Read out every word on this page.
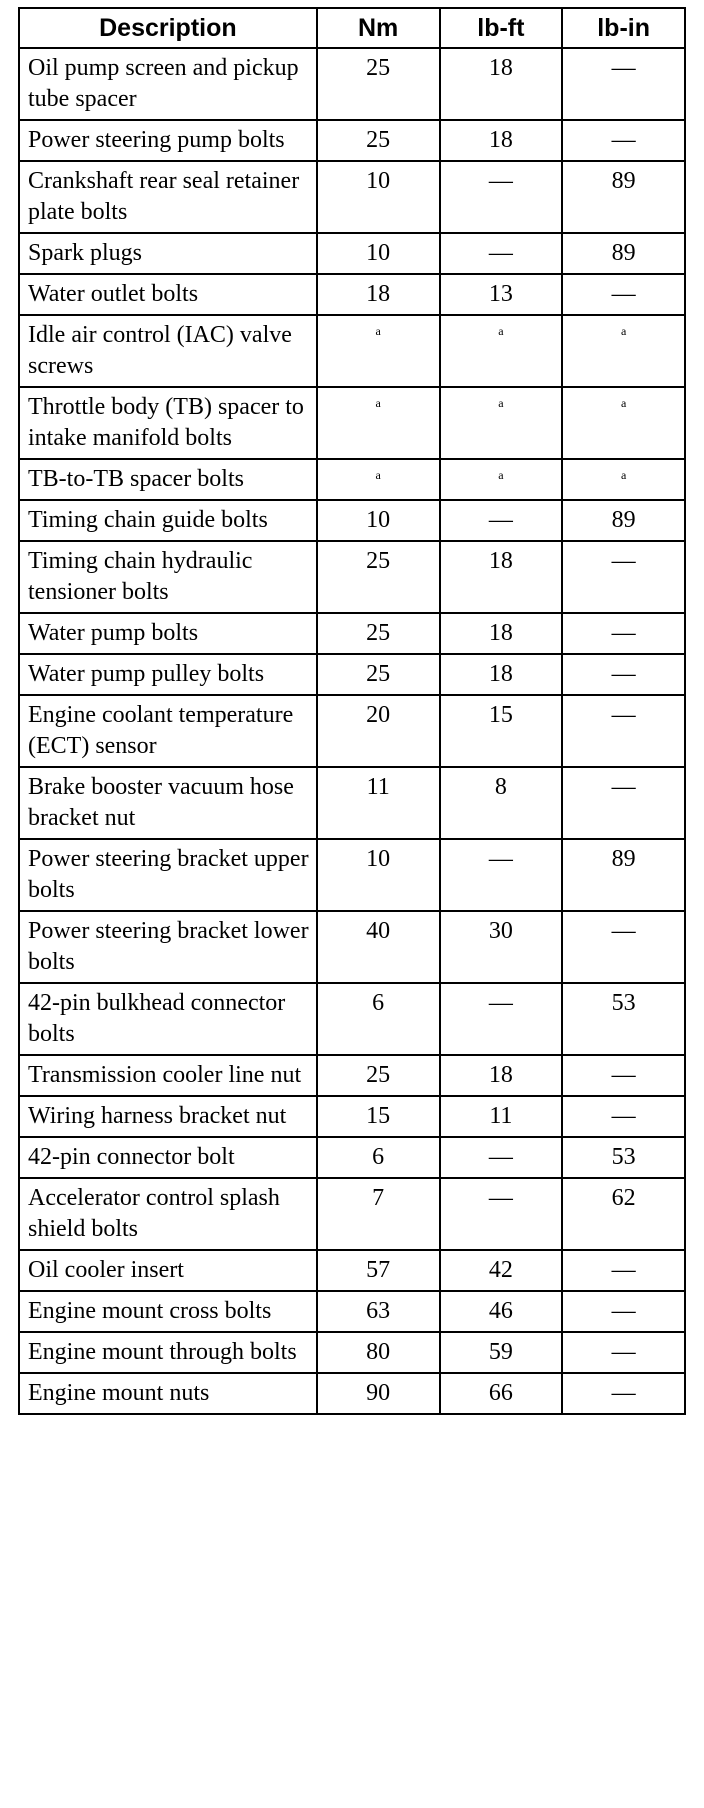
Description	Nm	lb-ft	lb-in
Oil pump screen and pickup tube spacer	25	18	—
Power steering pump bolts	25	18	—
Crankshaft rear seal retainer plate bolts	10	—	89
Spark plugs	10	—	89
Water outlet bolts	18	13	—
Idle air control (IAC) valve screws	$^a$	$^a$	$^a$
Throttle body (TB) spacer to intake manifold bolts	$^a$	$^a$	$^a$
TB-to-TB spacer bolts	$^a$	$^a$	$^a$
Timing chain guide bolts	10	—	89
Timing chain hydraulic tensioner bolts	25	18	—
Water pump bolts	25	18	—
Water pump pulley bolts	25	18	—
Engine coolant temperature (ECT) sensor	20	15	—
Brake booster vacuum hose bracket nut	11	8	—
Power steering bracket upper bolts	10	—	89
Power steering bracket lower bolts	40	30	—
42-pin bulkhead connector bolts	6	—	53
Transmission cooler line nut	25	18	—
Wiring harness bracket nut	15	11	—
42-pin connector bolt	6	—	53
Accelerator control splash shield bolts	7	—	62
Oil cooler insert	57	42	—
Engine mount cross bolts	63	46	—
Engine mount through bolts	80	59	—
Engine mount nuts	90	66	—
